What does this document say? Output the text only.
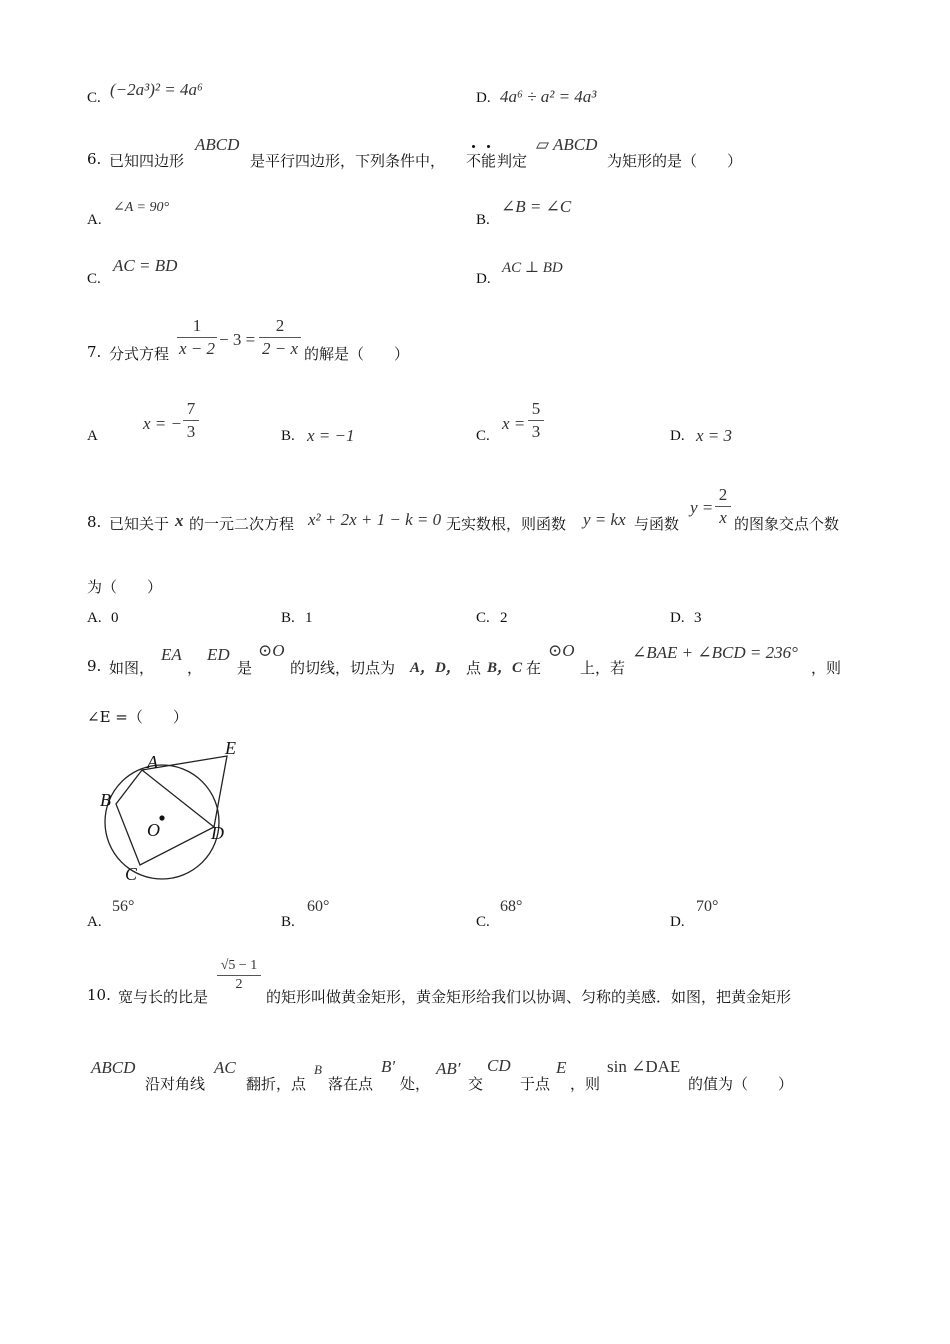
C. (−2a³)² = 4a⁶	D. 4a⁶ ÷ a² = 4a³
6. 已知四边形
ABCD
是平行四边形，下列条件中， 不能 判定
▱ ABCD
为矩形的是（　　）
A.
∠A = 90°
B.
∠B = ∠C
C.
AC = BD
D.
AC ⊥ BD
7. 分式方程 $\frac{1}{x - 2} - 3 = \frac{2}{2 - x}$ 的解是（　　）
A
x = − $\frac{7}{3}$	B. x = −1	C.
$x = \frac{5}{3}$	D. x = 3
8. 已知关于 x 的一元二次方程 x² + 2x + 1 − k = 0 无实数根，则函数 y = kx 与函数
$y = \frac{2}{x}$ 的图象交点个数
为（　　）
A. 0	B. 1	C. 2	D. 3
9. 如图，
EA
，
ED
是
⊙O
的切线，切点为 A，D， 点 B，C 在
⊙O
上，若
∠BAE + ∠BCD = 236°
，则
∠E =（　　）
A
B
C
D
E
O
A.
56°
B.
60°
C.
68°
D.
70°
10. 宽与长的比是
$\frac{√5 - 1}{2}$
的矩形叫做黄金矩形，黄金矩形给我们以协调、匀称的美感．如图，把黄金矩形
ABCD
沿对角线
AC
翻折，点
B
落在点
B′
处，
AB′
交
CD
于点
E
，则
sin ∠DAE
的值为（　　）
